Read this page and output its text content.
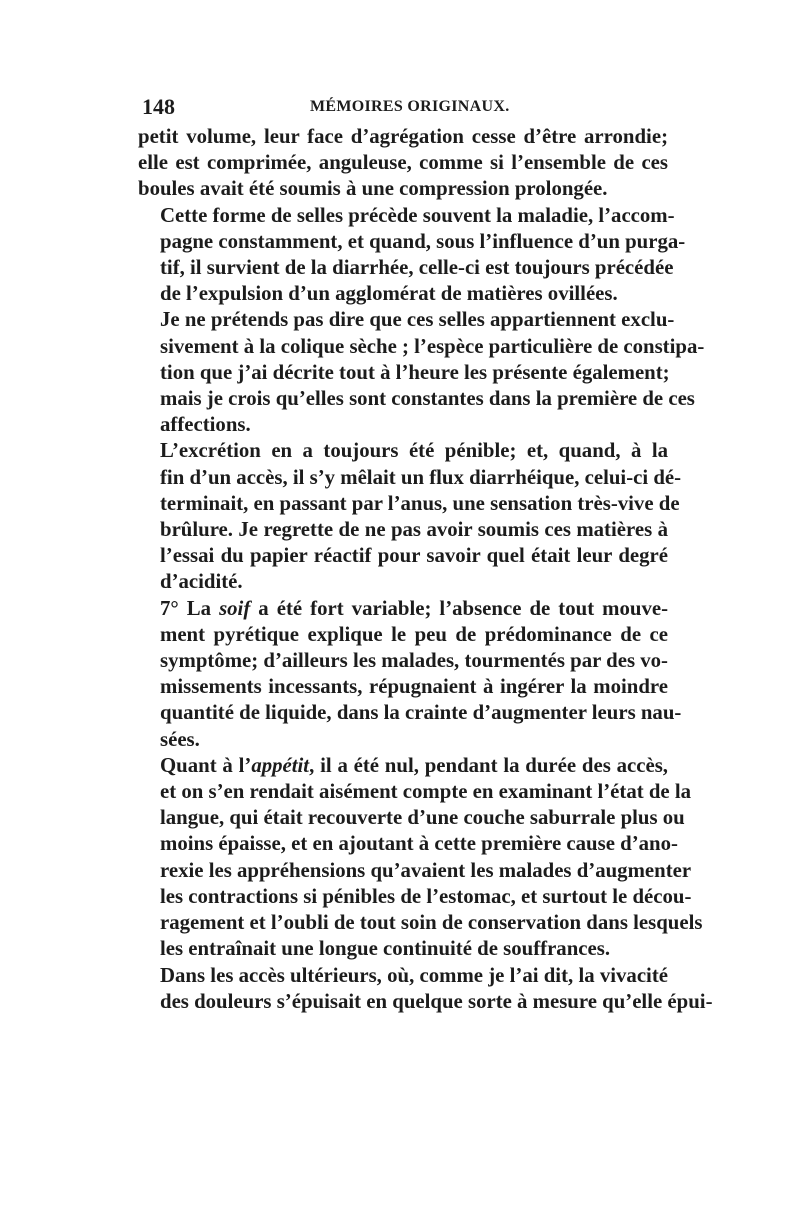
148	MÉMOIRES ORIGINAUX.
petit volume, leur face d’agrégation cesse d’être arrondie;
elle est comprimée, anguleuse, comme si l’ensemble de ces
boules avait été soumis à une compression prolongée.
Cette forme de selles précède souvent la maladie, l’accom-
pagne constamment, et quand, sous l’influence d’un purga-
tif, il survient de la diarrhée, celle-ci est toujours précédée
de l’expulsion d’un agglomérat de matières ovillées.
Je ne prétends pas dire que ces selles appartiennent exclu-
sivement à la colique sèche ; l’espèce particulière de constipa-
tion que j’ai décrite tout à l’heure les présente également;
mais je crois qu’elles sont constantes dans la première de ces
affections.
L’excrétion en a toujours été pénible; et, quand, à la
fin d’un accès, il s’y mêlait un flux diarrhéique, celui-ci dé-
terminait, en passant par l’anus, une sensation très-vive de
brûlure. Je regrette de ne pas avoir soumis ces matières à
l’essai du papier réactif pour savoir quel était leur degré
d’acidité.
7° La soif a été fort variable; l’absence de tout mouve-
ment pyrétique explique le peu de prédominance de ce
symptôme; d’ailleurs les malades, tourmentés par des vo-
missements incessants, répugnaient à ingérer la moindre
quantité de liquide, dans la crainte d’augmenter leurs nau-
sées.
Quant à l’appétit, il a été nul, pendant la durée des accès,
et on s’en rendait aisément compte en examinant l’état de la
langue, qui était recouverte d’une couche saburrale plus ou
moins épaisse, et en ajoutant à cette première cause d’ano-
rexie les appréhensions qu’avaient les malades d’augmenter
les contractions si pénibles de l’estomac, et surtout le décou-
ragement et l’oubli de tout soin de conservation dans lesquels
les entraînait une longue continuité de souffrances.
Dans les accès ultérieurs, où, comme je l’ai dit, la vivacité
des douleurs s’épuisait en quelque sorte à mesure qu’elle épui-
